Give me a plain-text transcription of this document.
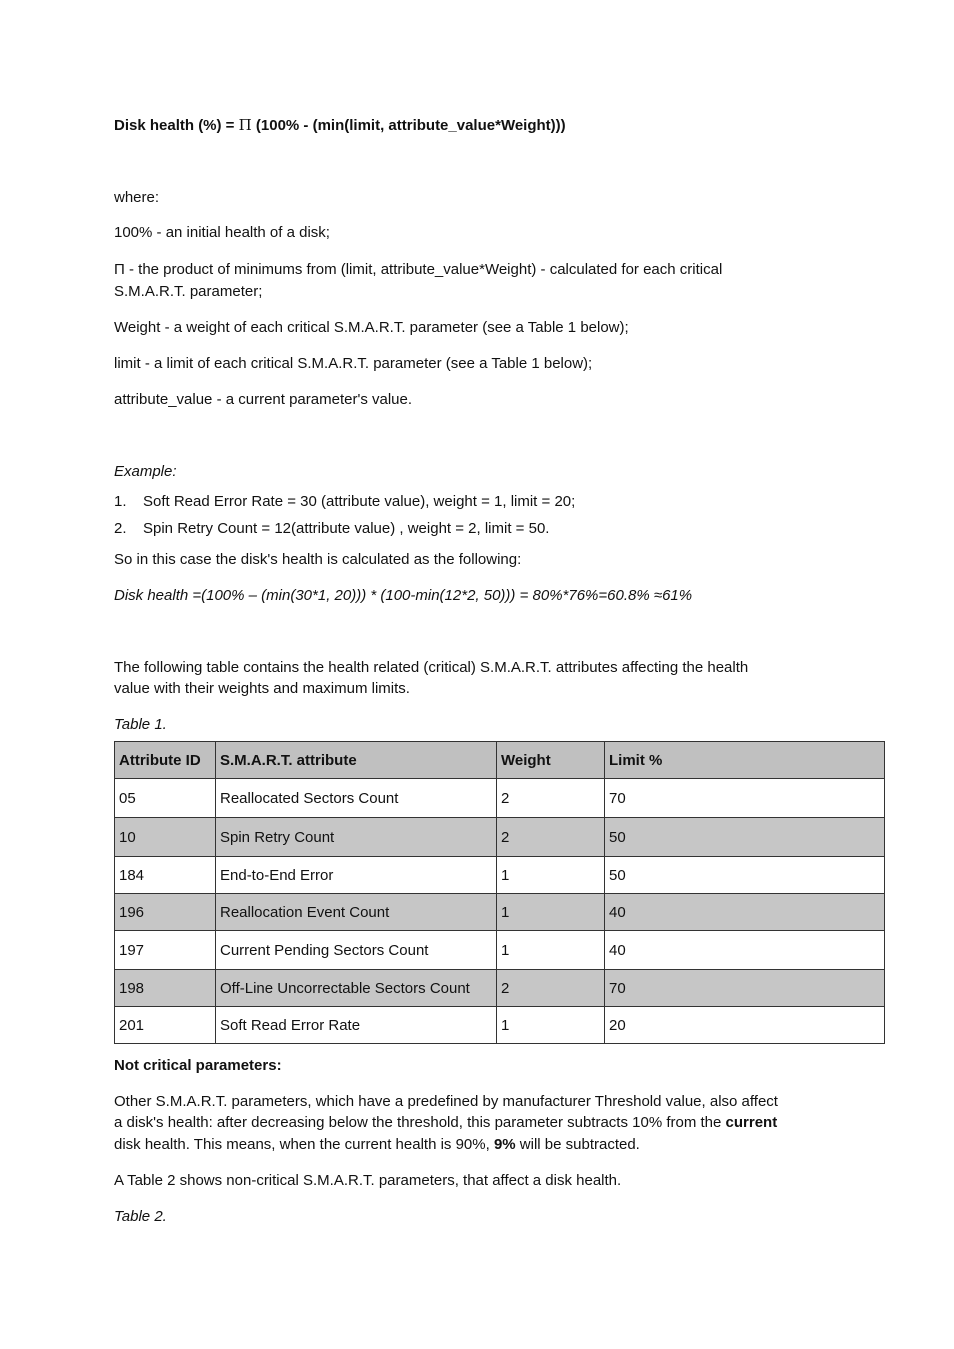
Disk health (%) = Π (100% - (min(limit, attribute_value*Weight)))
where:
100% - an initial health of a disk;
Π - the product of minimums from (limit, attribute_value*Weight) - calculated for each critical
S.M.A.R.T. parameter;
Weight - a weight of each critical S.M.A.R.T. parameter (see a Table 1 below);
limit - a limit of each critical S.M.A.R.T. parameter (see a Table 1 below);
attribute_value - a current parameter's value.
Example:
1. Soft Read Error Rate = 30 (attribute value), weight = 1, limit = 20;
2. Spin Retry Count = 12(attribute value) , weight = 2, limit = 50.
So in this case the disk's health is calculated as the following:
Disk health =(100% – (min(30*1, 20))) * (100-min(12*2, 50))) = 80%*76%=60.8% ≈61%
The following table contains the health related (critical) S.M.A.R.T. attributes affecting the health
value with their weights and maximum limits.
Table 1.
Attribute ID	S.M.A.R.T. attribute	Weight	Limit %
05	Reallocated Sectors Count	2	70
10	Spin Retry Count	2	50
184	End-to-End Error	1	50
196	Reallocation Event Count	1	40
197	Current Pending Sectors Count	1	40
198	Off-Line Uncorrectable Sectors Count	2	70
201	Soft Read Error Rate	1	20
Not critical parameters:
Other S.M.A.R.T. parameters, which have a predefined by manufacturer Threshold value, also affect
a disk's health: after decreasing below the threshold, this parameter subtracts 10% from the current
disk health. This means, when the current health is 90%, 9% will be subtracted.
A Table 2 shows non-critical S.M.A.R.T. parameters, that affect a disk health.
Table 2.
